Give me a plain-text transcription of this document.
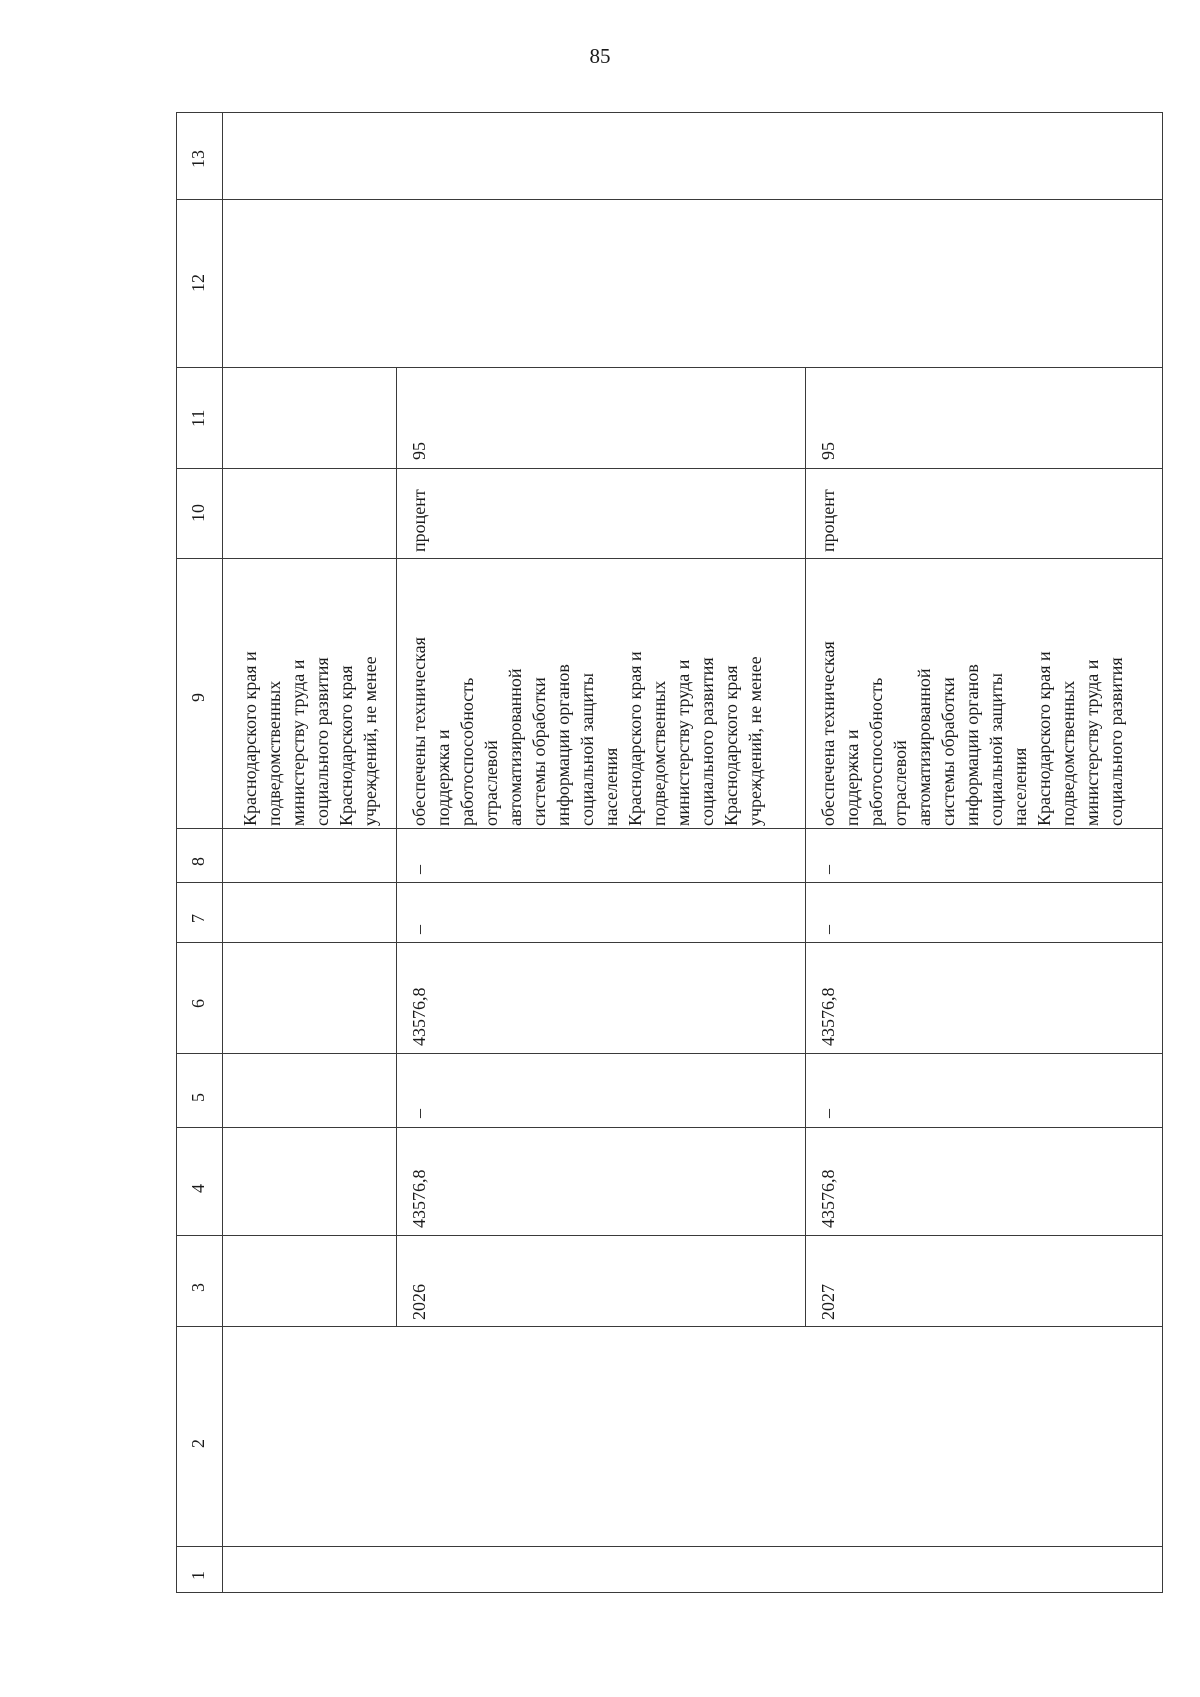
85
1
2
3
4
5
6
7
8
9
10
11
12
13
Краснодарского края и
подведомственных
министерству труда и
социального развития
Краснодарского края
учреждений, не менее
2026
43576,8
–
43576,8
–
–
обеспечены техническая
поддержка и
работоспособность
отраслевой
автоматизированной
системы обработки
информации органов
социальной защиты
населения
Краснодарского края и
подведомственных
министерству труда и
социального развития
Краснодарского края
учреждений, не менее
процент
95
2027
43576,8
–
43576,8
–
–
обеспечена техническая
поддержка и
работоспособность
отраслевой
автоматизированной
системы обработки
информации органов
социальной защиты
населения
Краснодарского края и
подведомственных
министерству труда и
социального развития
процент
95
